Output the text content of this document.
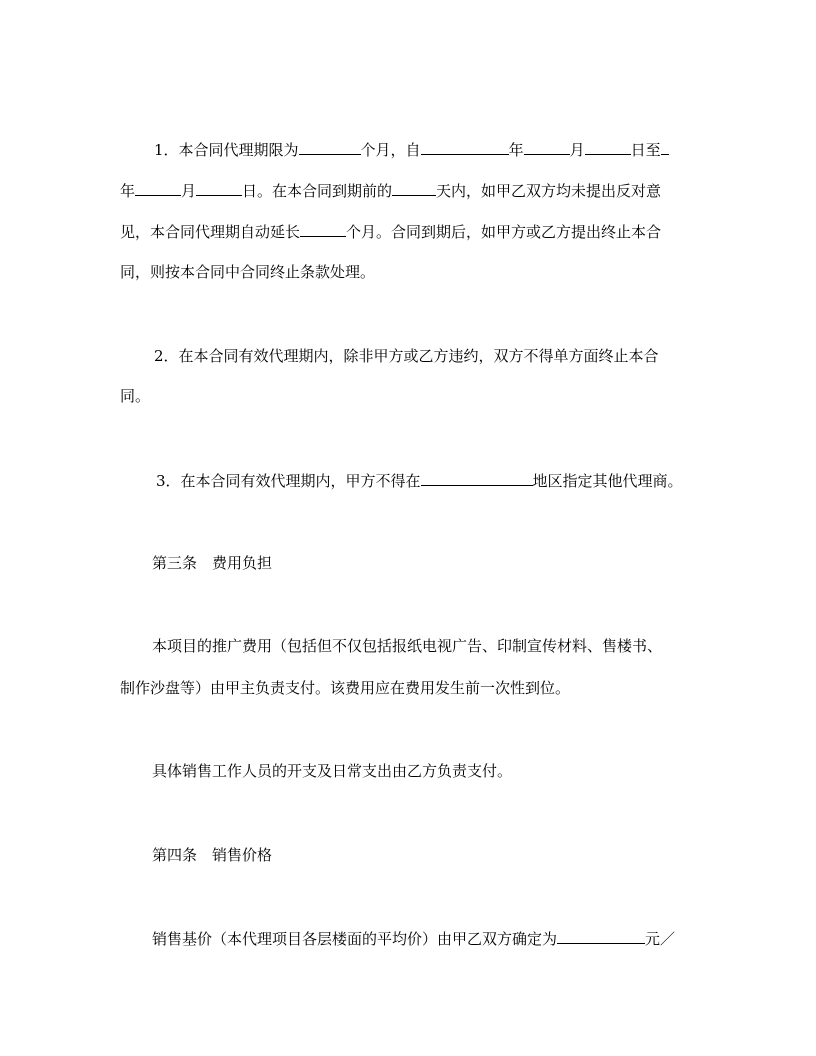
1．本合同代理期限为	个月，自	年	月	日至
年	月	日。在本合同到期前的	天内，如甲乙双方均未提出反对意
见，本合同代理期自动延长	个月。合同到期后，如甲方或乙方提出终止本合
同，则按本合同中合同终止条款处理。
2．在本合同有效代理期内，除非甲方或乙方违约，双方不得单方面终止本合
同。
3．在本合同有效代理期内，甲方不得在	地区指定其他代理商。
第三条　费用负担
本项目的推广费用（包括但不仅包括报纸电视广告、印制宣传材料、售楼书、
制作沙盘等）由甲主负责支付。该费用应在费用发生前一次性到位。
具体销售工作人员的开支及日常支出由乙方负责支付。
第四条　销售价格
销售基价（本代理项目各层楼面的平均价）由甲乙双方确定为	元／
